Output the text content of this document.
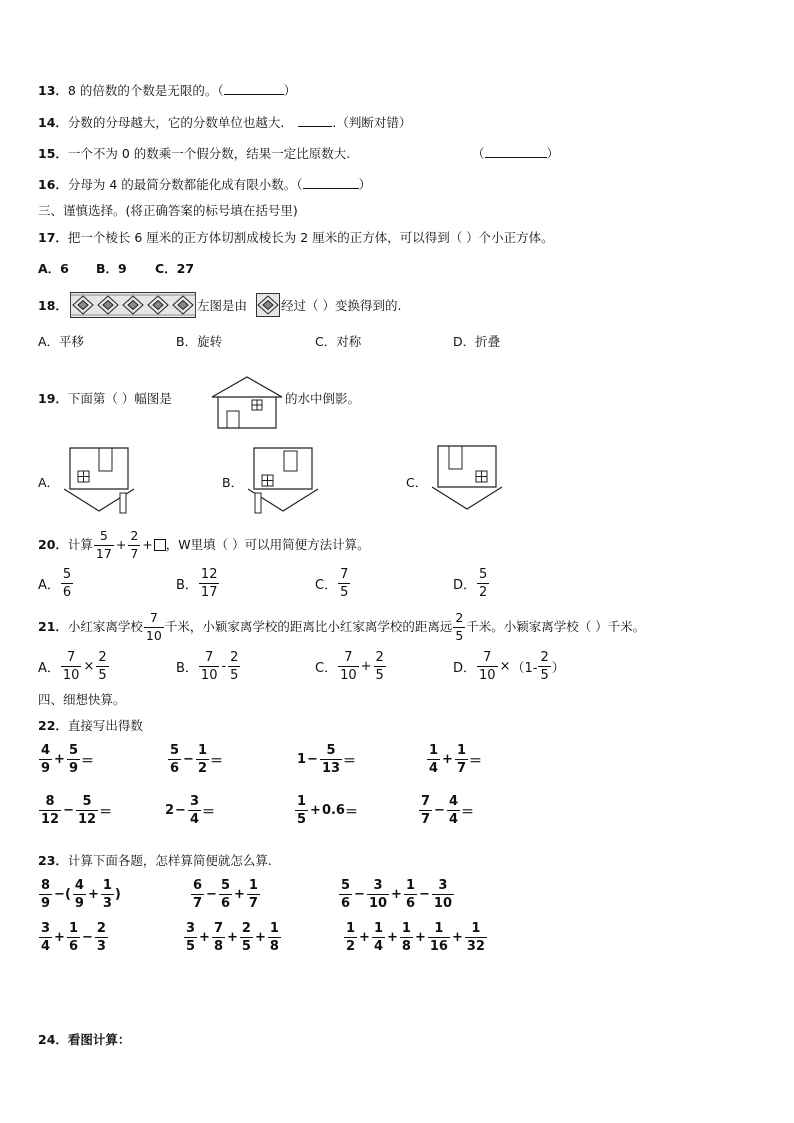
13．8 的倍数的个数是无限的。（	）
14．分数的分母越大，它的分数单位也越大.	.（判断对错）
15．一个不为 0 的数乘一个假分数，结果一定比原数大.	（	）
16．分母为 4 的最简分数都能化成有限小数。（	）
三、谨慎选择。(将正确答案的标号填在括号里)
17．把一个棱长 6 厘米的正方体切割成棱长为 2 厘米的正方体，可以得到（ ）个小正方体。
A．6 B．9 C．27
18．	左图是由	经过（ ）变换得到的.
A．平移	B．旋转	C．对称	D．折叠
19．下面第（ ）幅图是	的水中倒影。
A．	B．	C．
20． 计算 $\frac{5}{17} + \frac{2}{7}$ + ，W里填（ ）可以用简便方法计算。
A． $\frac{5}{6}$	B． $\frac{12}{17}$	C． $\frac{7}{5}$	D． $\frac{5}{2}$
21． 小红家离学校 $\frac{7}{10}$ 千米，小颖家离学校的距离比小红家离学校的距离远 $\frac{2}{5}$ 千米。小颖家离学校（ ）千米。
A． $\frac{7}{10} \times \frac{2}{5}$	B． $\frac{7}{10} - \frac{2}{5}$	C． $\frac{7}{10} + \frac{2}{5}$	D． $\frac{7}{10} \times (1- \frac{2}{5}$ ）
四、细想快算。
22．直接写出得数
$\frac{4}{9} + \frac{5}{9}$ ＝	$\frac{5}{6} - \frac{1}{2}$ ＝	$1 - \frac{5}{13}$ ＝	$\frac{1}{4} + \frac{1}{7}$ ＝
$\frac{8}{12} - \frac{5}{12}$ ＝	$2 - \frac{3}{4}$ ＝	$\frac{1}{5} + 0.6$ ＝	$\frac{7}{7} - \frac{4}{4}$ ＝
23．计算下面各题，怎样算简便就怎么算.
$\frac{8}{9}$ −( $\frac{4}{9} + \frac{1}{3}$ )	$\frac{6}{7} - \frac{5}{6} + \frac{1}{7}$	$\frac{5}{6} - \frac{3}{10} + \frac{1}{6} - \frac{3}{10}$
$\frac{3}{4} + \frac{1}{6} - \frac{2}{3}$	$\frac{3}{5} + \frac{7}{8} + \frac{2}{5} + \frac{1}{8}$	$\frac{1}{2} + \frac{1}{4} + \frac{1}{8} + \frac{1}{16} + \frac{1}{32}$
24．看图计算：
